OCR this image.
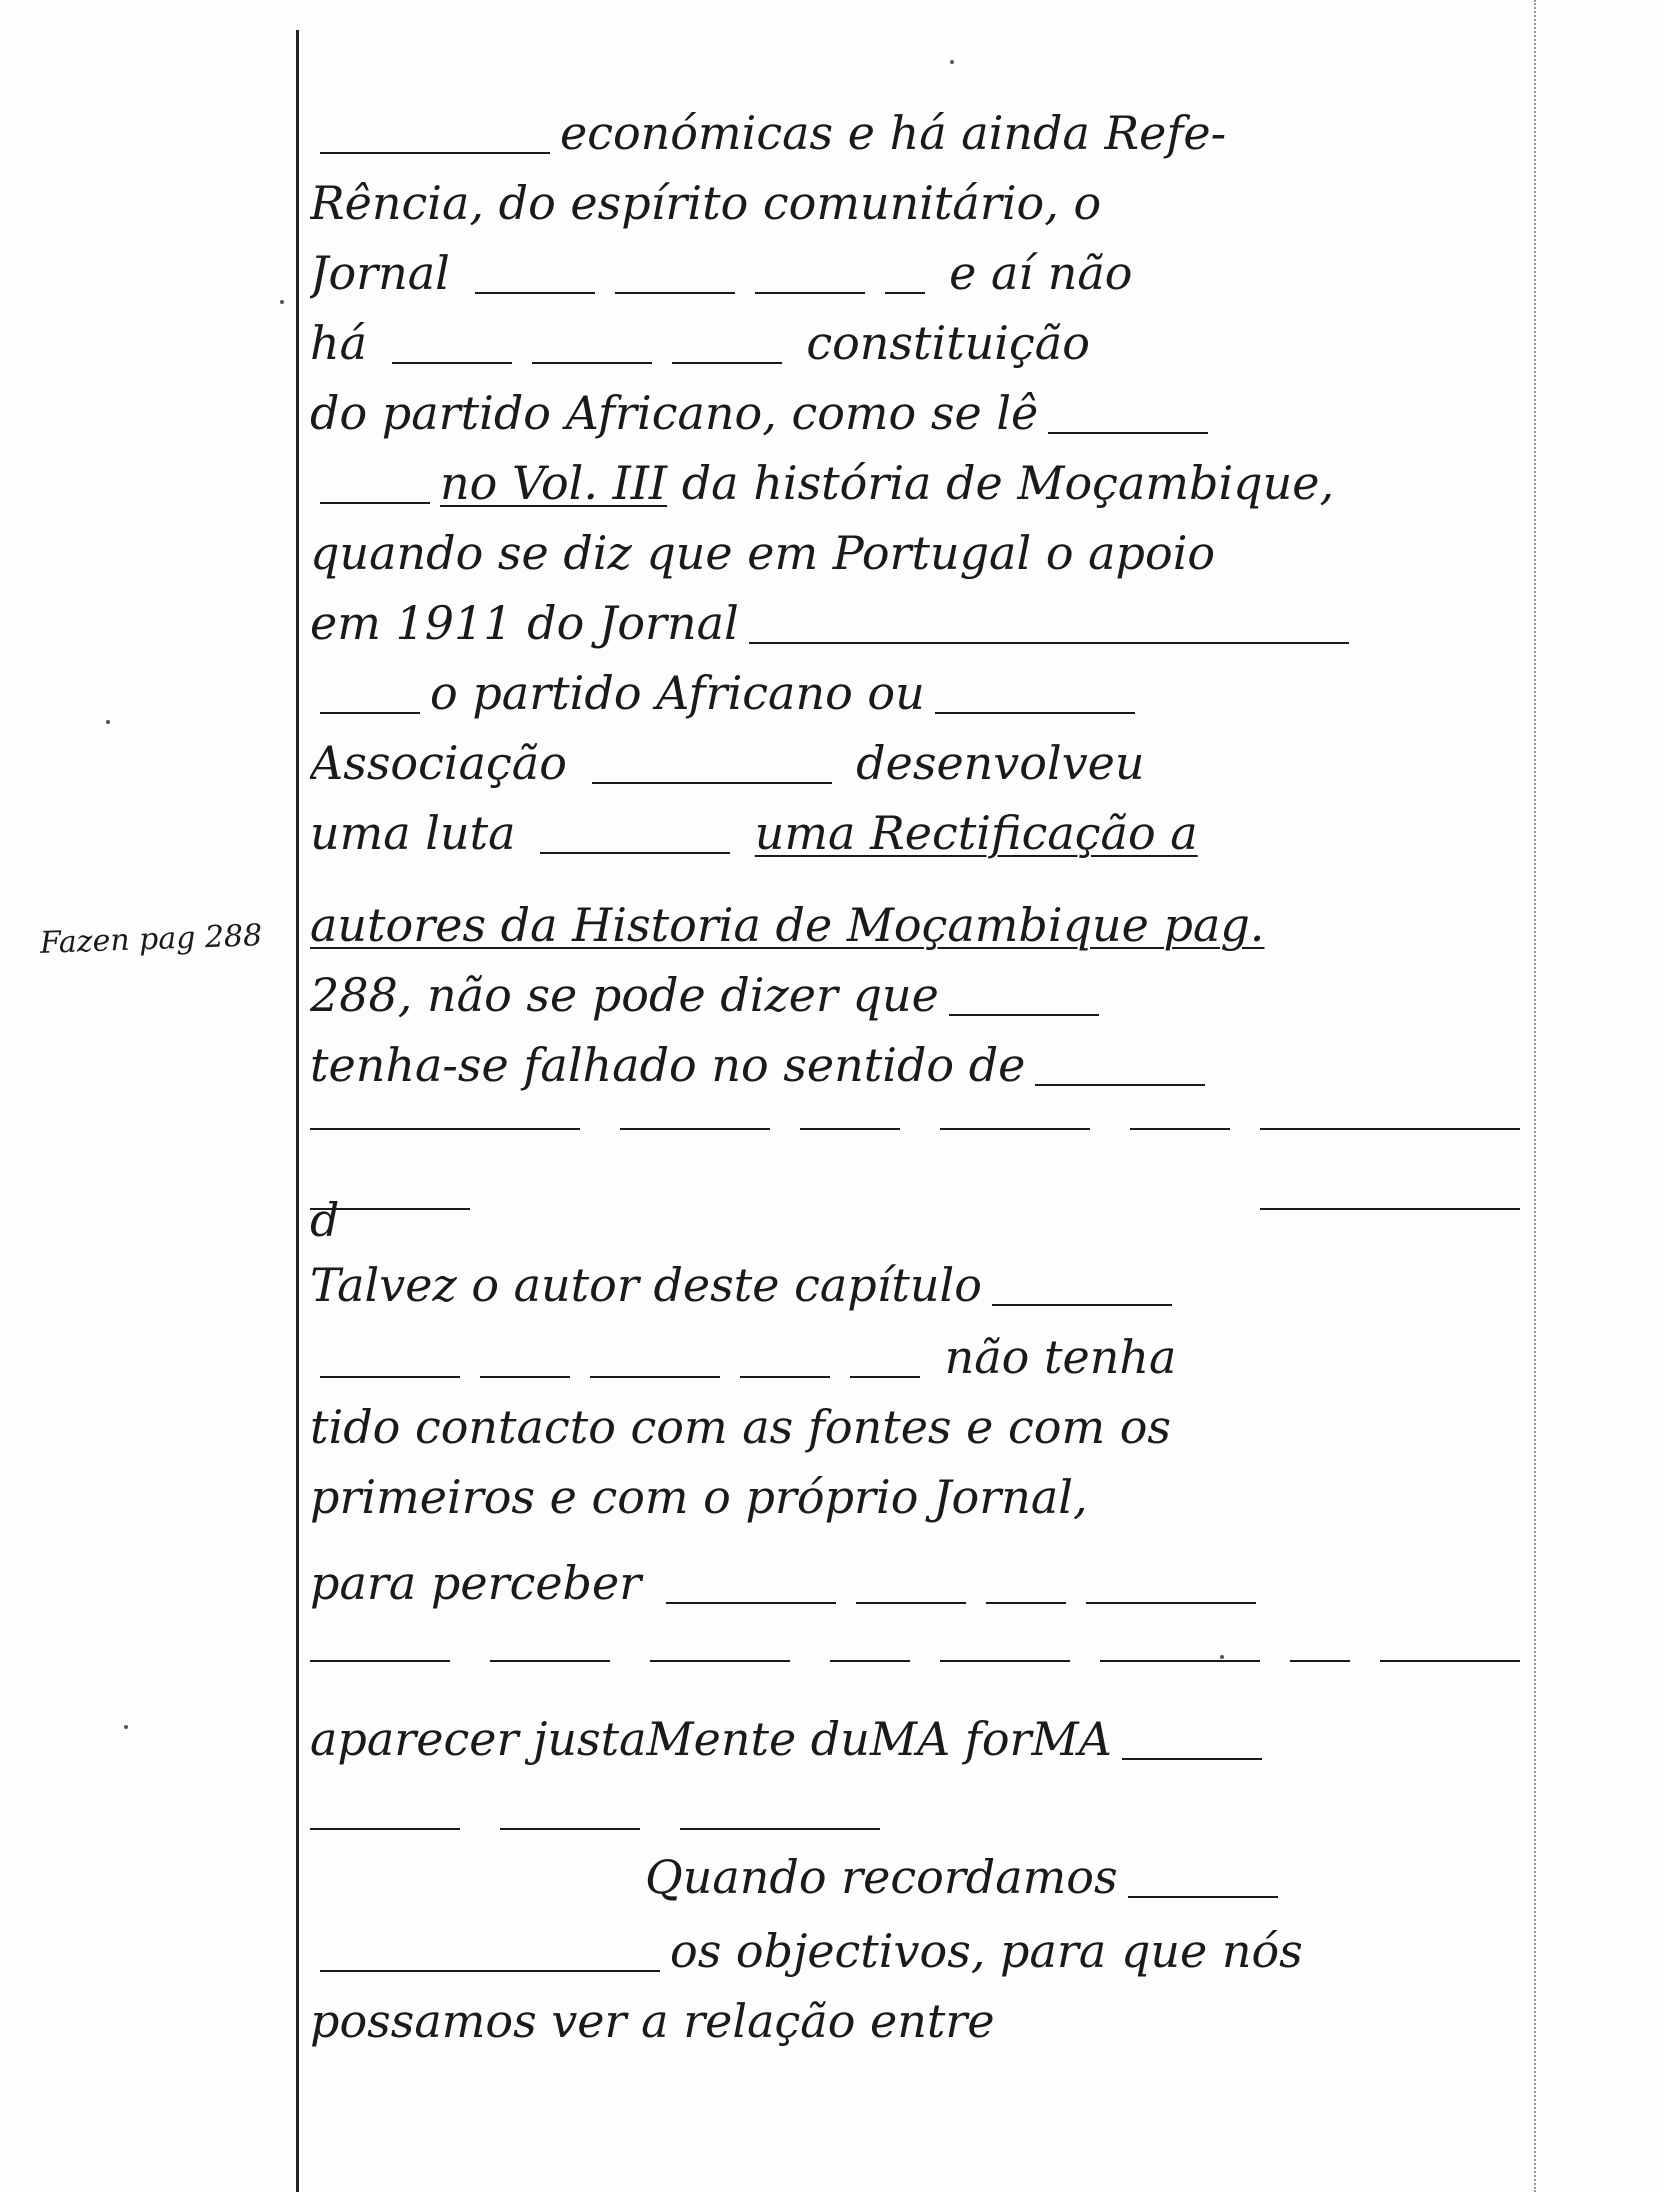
Fazen pag 288
económicas e há ainda Refe-
Rência, do espírito comunitário, o
Jornal	e aí não
há	constituição
do partido Africano, como se lê
no Vol. III da história de Moçambique,
quando se diz que em Portugal o apoio
em 1911 do Jornal
o partido Africano ou
Associação	desenvolveu
uma luta	uma Rectificação a
autores da Historia de Moçambique pag.
288, não se pode dizer que
tenha-se falhado no sentido de
d
Talvez o autor deste capítulo
não tenha
tido contacto com as fontes e com os
primeiros e com o próprio Jornal,
para perceber
aparecer justaMente duMA forMA
Quando recordamos
os objectivos, para que nós
possamos ver a relação entre
